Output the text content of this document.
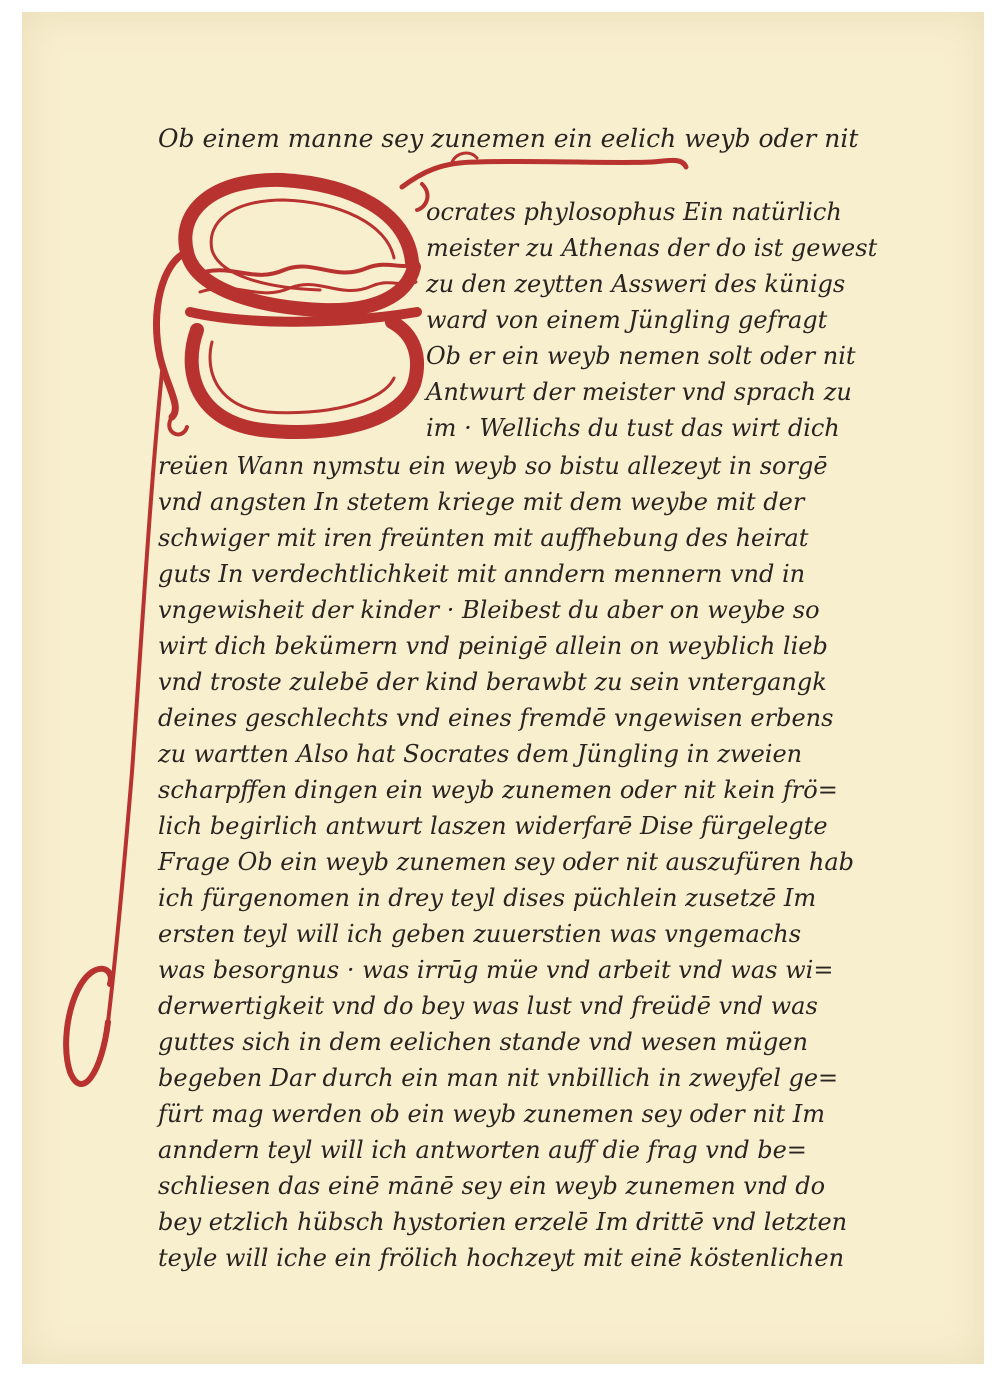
Ob einem manne sey zunemen ein eelich weyb oder nit

ocrates phylosophus Ein natürlich

meister zu Athenas der do ist gewest

zu den zeytten Assweri des künigs

ward von einem Jüngling gefragt

Ob er ein weyb nemen solt oder nit

Antwurt der meister vnd sprach zu

im · Wellichs du tust das wirt dich

reüen Wann nymstu ein weyb so bistu allezeyt in sorgē

vnd angsten In stetem kriege mit dem weybe mit der

schwiger mit iren freünten mit auffhebung des heirat

guts In verdechtlichkeit mit anndern mennern vnd in

vngewisheit der kinder · Bleibest du aber on weybe so

wirt dich bekümern vnd peinigē allein on weyblich lieb

vnd troste zulebē der kind berawbt zu sein vntergangk

deines geschlechts vnd eines fremdē vngewisen erbens

zu wartten Also hat Socrates dem Jüngling in zweien

scharpffen dingen ein weyb zunemen oder nit kein frö=

lich begirlich antwurt laszen widerfarē Dise fürgelegte

Frage Ob ein weyb zunemen sey oder nit auszufüren hab

ich fürgenomen in drey teyl dises püchlein zusetzē Im

ersten teyl will ich geben zuuerstien was vngemachs

was besorgnus · was irrūg müe vnd arbeit vnd was wi=

derwertigkeit vnd do bey was lust vnd freüdē vnd was

guttes sich in dem eelichen stande vnd wesen mügen

begeben Dar durch ein man nit vnbillich in zweyfel ge=

fürt mag werden ob ein weyb zunemen sey oder nit Im

anndern teyl will ich antworten auff die frag vnd be=

schliesen das einē mānē sey ein weyb zunemen vnd do

bey etzlich hübsch hystorien erzelē Im drittē vnd letzten

teyle will iche ein frölich hochzeyt mit einē köstenlichen
